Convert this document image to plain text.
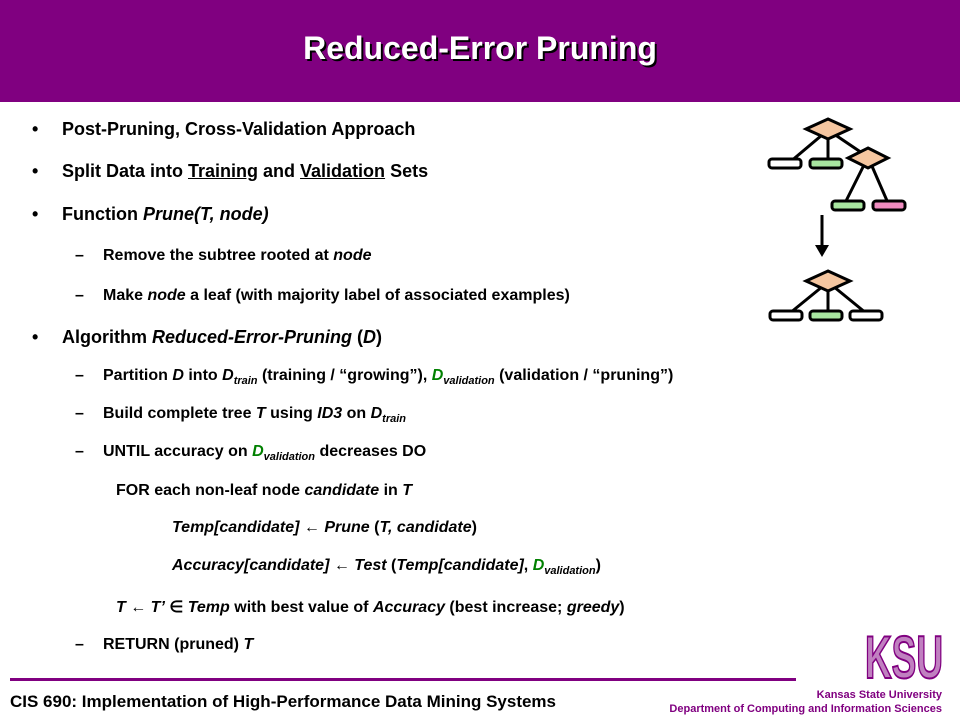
Reduced-Error Pruning
• Post-Pruning, Cross-Validation Approach
• Split Data into Training and Validation Sets
• Function Prune(T, node)
– Remove the subtree rooted at node
– Make node a leaf (with majority label of associated examples)
• Algorithm Reduced-Error-Pruning (D)
– Partition D into $D_{train}$ (training / “growing”), $D_{validation}$ (validation / “pruning”)
– Build complete tree T using ID3 on $D_{train}$
– UNTIL accuracy on $D_{validation}$ decreases DO
FOR each non-leaf node candidate in T
Temp[candidate] ← Prune (T, candidate)
Accuracy[candidate] ← Test (Temp[candidate], $D_{validation}$)
T ← T’ ∈ Temp with best value of Accuracy (best increase; greedy)
– RETURN (pruned) T
CIS 690: Implementation of High-Performance Data Mining Systems	Kansas State University
Department of Computing and Information Sciences
KSU
